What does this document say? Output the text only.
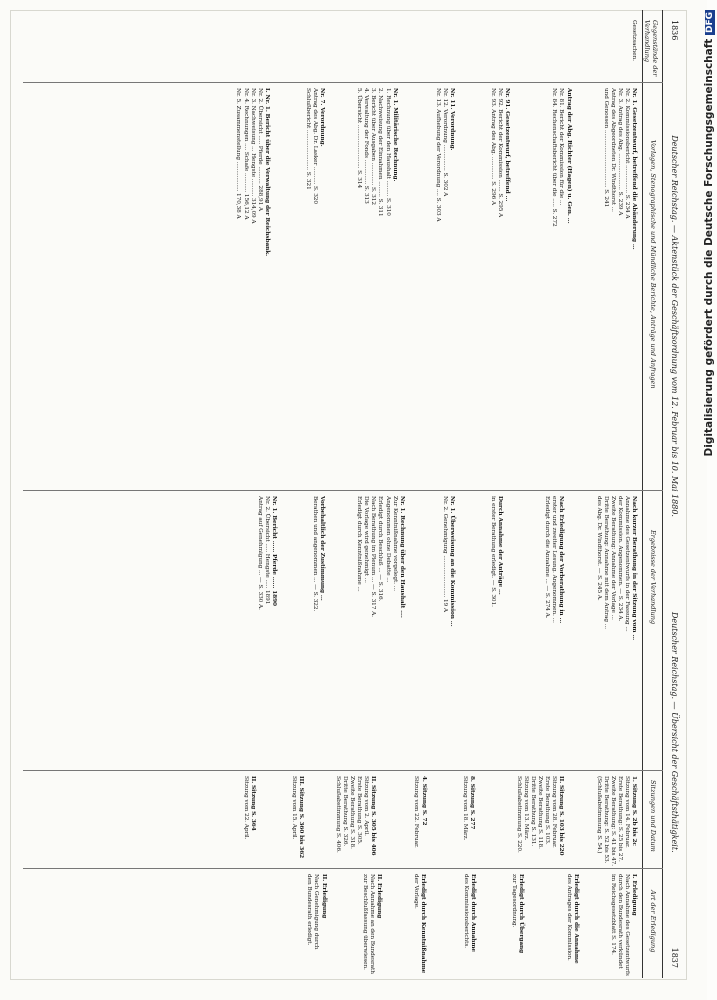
1836
Deutscher Reichstag. — Aktenstück der Geschäftsordnung vom 12. Februar bis 10. Mai 1880.
Deutscher Reichstag. — Übersicht der Geschäftsthätigkeit.
1837
Gegenstände der Verhandlung
Vorlagen, Stenographische und Mündliche Berichte, Anträge und Anfragen
Ergebnisse der Verhandlung
Sitzungen und Datum
Art der Erledigung
Gesetzsachen.
Nr. 1. Gesetzentwurf, betreffend die Abänderung ...
Nr. 2. Kommissionsbericht ................ S. 234 A
Nr. 3. Antrag des Abg. ..................... S. 239 A
Antrag des Abgeordneten Dr. Windthorst ...
und Genossen ................................. S. 241
Antrag der Abg. Richter (Hagen) u. Gen. ...
Nr. 81. Bericht der Kommission für die ...
Nr. 84. Rechenschaftsbericht über die ..... S. 272
Nr. 91. Gesetzentwurf, betreffend ...
Nr. 92. Bericht der Kommission ....... S. 295 A
Nr. 93. Antrag des Abg. ............. S. 296 A
Nr. 11. Verordnung.
Nr. 12. Verordnung ............... S. 302 A
Nr. 13. Aufhebung der Verordnung .... S. 303 A
Nr. 1. Militärische Rechnung.
1. Rechnung über den Haushalt ......... S. 310
2. Nachweisung der Einnahmen ......... S. 311
3. Bericht über Ausgaben ............. S. 312
4. Verwaltung der Fonds .............. S. 313
5. Übersicht ......................... S. 314
Nr. 7. Verordnung.
Antrag des Abg. Dr. Lasker .......... S. 320
Schlußbericht ....................... S. 321
I. Nr. 1. Bericht über die Verwaltung der Reichsbank.
Nr. 2. Übersicht ..... Pferde .......... 288,91 A
Nr. 3. Nachweisung ... Hengste .......... 314,09 A
Nr. 4. Rechnungen .... Schafe ........... 156,12 A
Nr. 5. Zusammenstellung ................. 170,38 A
Nach kurzer Berathung in der Sitzung vom ...
Annahme des Gesetzentwurfs in der Fassung ...
der Kommission. Angenommen. — S. 234 A.
Zweite Berathung: Annahme der Vorlage ...
Dritte Berathung: Annahme mit dem Antrag ...
des Abg. Dr. Windthorst. — S. 245 A.
Nach Erledigung der Vorberathung in ...
erster und zweiter Lesung. Angenommen. ...
Erledigt durch die Annahme ... — S. 274 A.
Durch Annahme der Anträge ...
in erster Berathung erledigt. — S. 301.
Nr. 1. Überweisung an die Kommission ...
Nr. 2. Genehmigung ........................ 19 A
Nr. 1. Rechnung über den Haushalt ....
Zur Kenntnißnahme vorgelegt. ...
Angenommen ohne Debatte ...
Erledigt durch Beschluß ... — S. 316.
Nach Berathung im Plenum ... — S. 317 A.
Die Vorlage wird genehmigt ...
Erledigt durch Kenntnißnahme ...
Vorbehaltlich der Zustimmung ...
Berathen und angenommen ... — S. 322.
Nr. 1. Bericht ...... Pferde ...... 1890
Nr. 2. Übersicht ..... Hengste ..... 1891
Antrag auf Genehmigung ... — S. 330 A.
1. Sitzung S. 2b bis 2c
Sitzung vom 14. Februar.
Erste Berathung: S. 25 bis 27.
Zweite Berathung: S. 41 bis 47.
Dritte Berathung: S. 52 bis 53.
(Schlußabstimmung S. 54.)
II. Sitzung S. 103 bis 220
Sitzung vom 28. Februar.
Erste Berathung S. 103.
Zweite Berathung S. 118.
Dritte Berathung S. 131.
Sitzung vom 13. März.
Schlußabstimmung S. 220.
8. Sitzung S. 277
Sitzung vom 18. März.
4. Sitzung S. 72
Sitzung vom 22. Februar.
II. Sitzung S. 305 bis 406
Sitzung vom 2. April.
Erste Berathung S. 305.
Zweite Berathung S. 318.
Dritte Berathung S. 326.
Schlußabstimmung S. 406.
III. Sitzung S. 360 bis 362
Sitzung vom 15. April.
II. Sitzung S. 364
Sitzung vom 22. April.
I. Erledigung
Nach Annahme des Gesetzentwurfs
durch den Bundesrath verkündet
im Reichsgesetzblatt S. 174.
Erledigt durch die Annahme
des Antrages der Kommission.
Erledigt durch Übergang
zur Tagesordnung.
Erledigt durch Annahme
des Kommissionsberichts.
Erledigt durch Kenntnißnahme
der Vorlage.
II. Erledigung
Nach Annahme an den Bundesrath
zur Beschlußfassung überwiesen.
II. Erledigung
Nach Genehmigung durch
den Bundesrath erledigt.
Digitalisierung gefördert durch die Deutsche Forschungsgemeinschaft DFG
